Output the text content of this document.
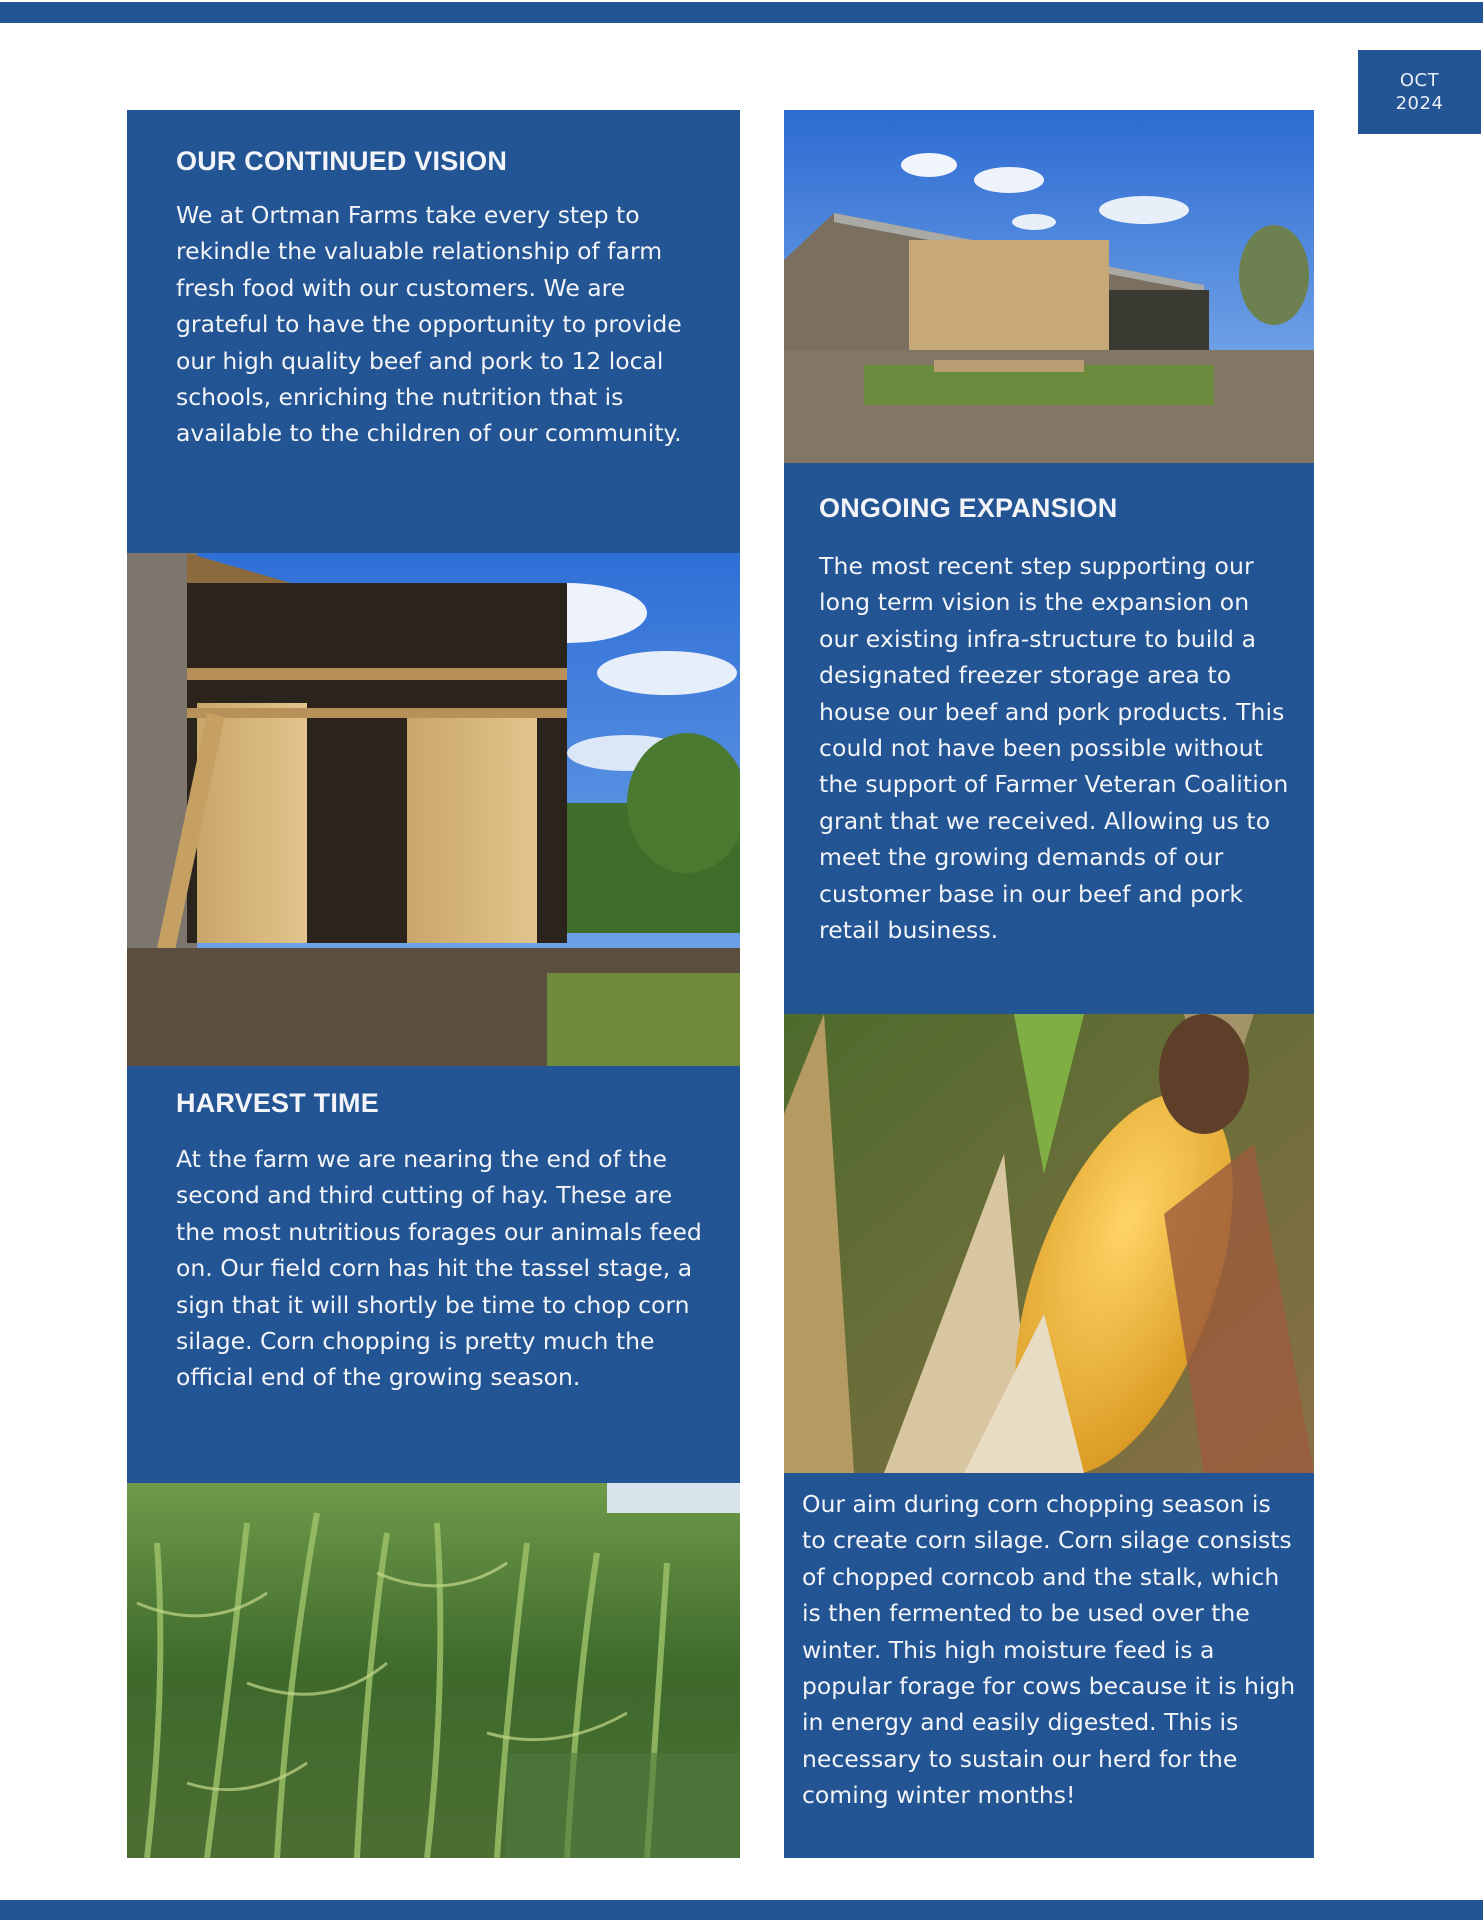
OCT
2024
OUR CONTINUED VISION

We at Ortman Farms take every step to rekindle the valuable relationship of farm fresh food with our customers. We are grateful to have the opportunity to provide our high quality beef and pork to 12 local schools, enriching the nutrition that is available to the children of our community.

HARVEST TIME

At the farm we are nearing the end of the second and third cutting of hay. These are the most nutritious forages our animals feed on. Our field corn has hit the tassel stage, a sign that it will shortly be time to chop corn silage. Corn chopping is pretty much the official end of the growing season.

ONGOING EXPANSION

The most recent step supporting our long term vision is the expansion on our existing infra-structure to build a designated freezer storage area to house our beef and pork products. This could not have been possible without the support of Farmer Veteran Coalition grant that we received. Allowing us to meet the growing demands of our customer base in our beef and pork retail business.

Our aim during corn chopping season is to create corn silage. Corn silage consists of chopped corncob and the stalk, which is then fermented to be used over the winter. This high moisture feed is a popular forage for cows because it is high in energy and easily digested. This is necessary to sustain our herd for the coming winter months!
